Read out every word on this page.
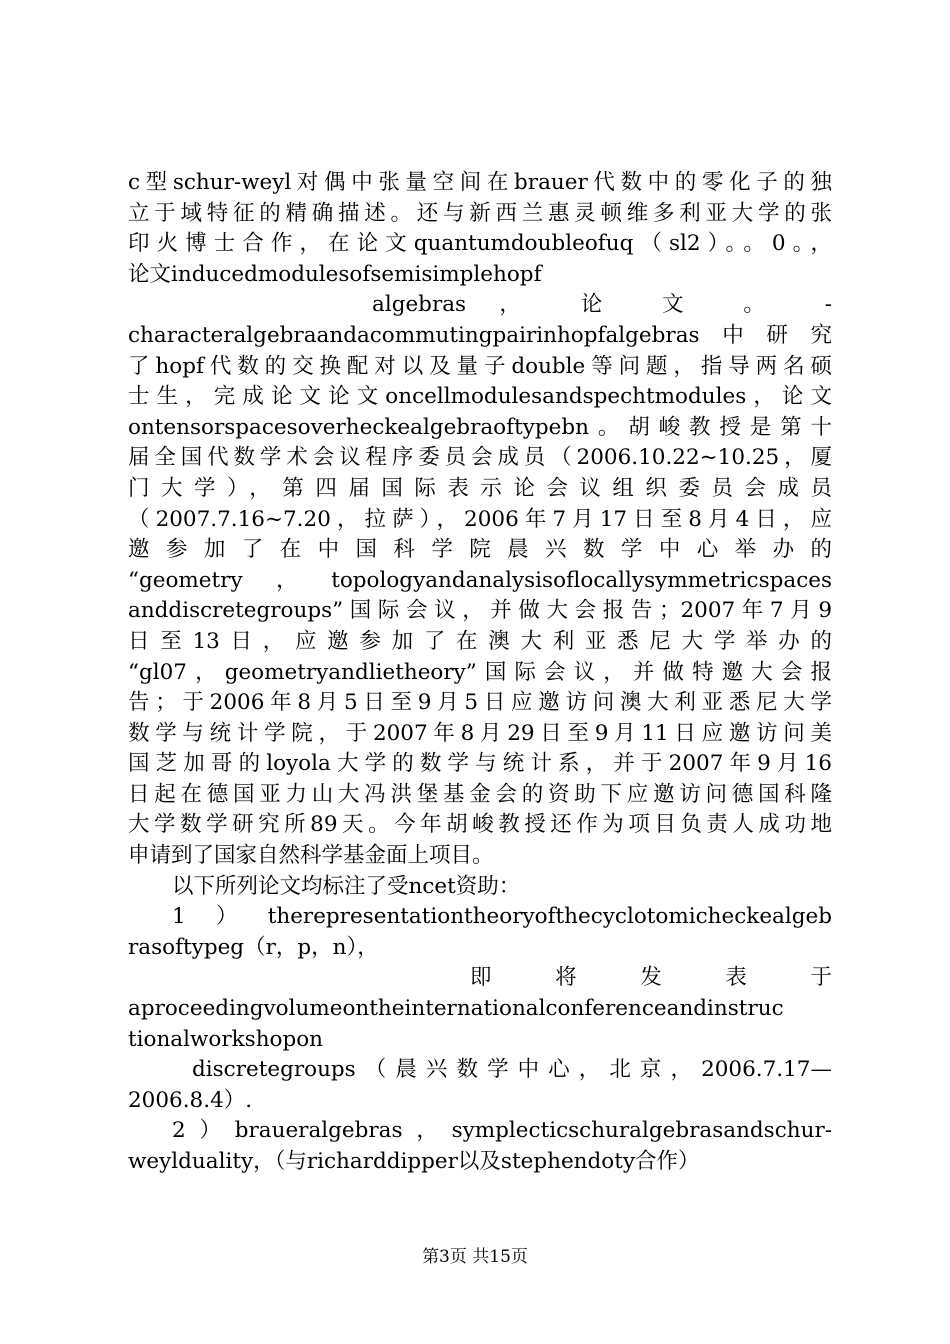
c型schur-weyl对偶中张量空间在brauer代数中的零化子的独
立于域特征的精确描述。还与新西兰惠灵顿维多利亚大学的张
印火博士合作，在论文quantumdoubleofuq（sl2）。。0。，
论文inducedmodulesofsemisimplehopf
algebras ， 论 文 。 -
characteralgebraandacommutingpairinhopfalgebras中研究
了hopf代数的交换配对以及量子double等问题，指导两名硕
士生，完成论文论文oncellmodulesandspechtmodules，论文
ontensorspacesoverheckealgebraoftypebn。胡峻教授是第十
届全国代数学术会议程序委员会成员（2006.10.22~10.25，厦
门大学），第四届国际表示论会议组织委员会成员
（2007.7.16~7.20，拉萨），2006年7月17日至8月4日，应
邀参加了在中国科学院晨兴数学中心举办的
“geometry，topologyandanalysisoflocallysymmetricspaces
anddiscretegroups”国际会议，并做大会报告；2007年7月9
日至13日，应邀参加了在澳大利亚悉尼大学举办的
“gl07，geometryandlietheory”国际会议，并做特邀大会报
告；于2006年8月5日至9月5日应邀访问澳大利亚悉尼大学
数学与统计学院，于2007年8月29日至9月11日应邀访问美
国芝加哥的loyola大学的数学与统计系，并于2007年9月16
日起在德国亚力山大冯洪堡基金会的资助下应邀访问德国科隆
大学数学研究所89天。今年胡峻教授还作为项目负责人成功地
申请到了国家自然科学基金面上项目。
以下所列论文均标注了受ncet资助：
1）therepresentationtheoryofthecyclotomicheckealgeb
rasoftypeg（r，p，n），
即 将 发 表 于
aproceedingvolumeontheinternationalconferenceandinstruc
tionalworkshopon
discretegroups（晨兴数学中心，北京，2006.7.17—
2006.8.4）.
2）braueralgebras，symplecticschuralgebrasandschur-
weylduality，（与richarddipper以及stephendoty合作）
第3页 共15页
